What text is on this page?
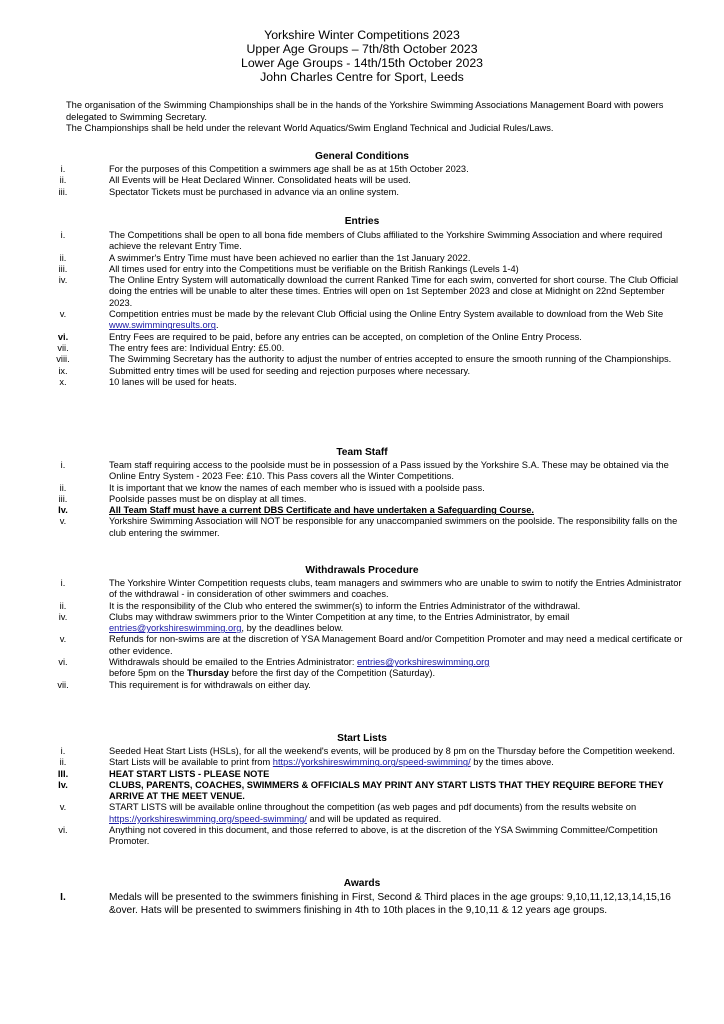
Yorkshire Winter Competitions 2023
Upper Age Groups – 7th/8th October 2023
Lower Age Groups - 14th/15th October 2023
John Charles Centre for Sport, Leeds

The organisation of the Swimming Championships shall be in the hands of the Yorkshire Swimming Associations Management Board with powers delegated to Swimming Secretary.

The Championships shall be held under the relevant World Aquatics/Swim England Technical and Judicial Rules/Laws.

General Conditions
i.	For the purposes of this Competition a swimmers age shall be as at 15th October 2023.
ii.	All Events will be Heat Declared Winner. Consolidated heats will be used.
iii.	Spectator Tickets must be purchased in advance via an online system.
Entries
i.	The Competitions shall be open to all bona fide members of Clubs affiliated to the Yorkshire Swimming Association and where required achieve the relevant Entry Time.
ii.	A swimmer's Entry Time must have been achieved no earlier than the 1st January 2022.
iii.	All times used for entry into the Competitions must be verifiable on the British Rankings (Levels 1-4)
iv.	The Online Entry System will automatically download the current Ranked Time for each swim, converted for short course. The Club Official doing the entries will be unable to alter these times. Entries will open on 1st September 2023 and close at Midnight on 22nd September 2023.
v.	Competition entries must be made by the relevant Club Official using the Online Entry System available to download from the Web Site www.swimmingresults.org.
vi.	Entry Fees are required to be paid, before any entries can be accepted, on completion of the Online Entry Process.
vii.	The entry fees are: Individual Entry: £5.00.
viii.	The Swimming Secretary has the authority to adjust the number of entries accepted to ensure the smooth running of the Championships.
ix.	Submitted entry times will be used for seeding and rejection purposes where necessary.
x.	10 lanes will be used for heats.
Team Staff
i.	Team staff requiring access to the poolside must be in possession of a Pass issued by the Yorkshire S.A. These may be obtained via the Online Entry System - 2023 Fee: £10. This Pass covers all the Winter Competitions.
ii.	It is important that we know the names of each member who is issued with a poolside pass.
iii.	Poolside passes must be on display at all times.
Iv.	All Team Staff must have a current DBS Certificate and have undertaken a Safeguarding Course.
v.	Yorkshire Swimming Association will NOT be responsible for any unaccompanied swimmers on the poolside. The responsibility falls on the club entering the swimmer.
Withdrawals Procedure
i.	The Yorkshire Winter Competition requests clubs, team managers and swimmers who are unable to swim to notify the Entries Administrator of the withdrawal - in consideration of other swimmers and coaches.
ii.	It is the responsibility of the Club who entered the swimmer(s) to inform the Entries Administrator of the withdrawal.
iv.	Clubs may withdraw swimmers prior to the Winter Competition at any time, to the Entries Administrator, by email entries@yorkshireswimming.org, by the deadlines below.
v.	Refunds for non-swims are at the discretion of YSA Management Board and/or Competition Promoter and may need a medical certificate or other evidence.
vi.	Withdrawals should be emailed to the Entries Administrator: entries@yorkshireswimming.org
before 5pm on the Thursday before the first day of the Competition (Saturday).
vii.	This requirement is for withdrawals on either day.
Start Lists
i.	Seeded Heat Start Lists (HSLs), for all the weekend's events, will be produced by 8 pm on the Thursday before the Competition weekend.
ii.	Start Lists will be available to print from https://yorkshireswimming.org/speed-swimming/ by the times above.
III.	HEAT START LISTS - PLEASE NOTE
Iv.	CLUBS, PARENTS, COACHES, SWIMMERS & OFFICIALS MAY PRINT ANY START LISTS THAT THEY REQUIRE BEFORE THEY ARRIVE AT THE MEET VENUE.
v.	START LISTS will be available online throughout the competition (as web pages and pdf documents) from the results website on https://yorkshireswimming.org/speed-swimming/ and will be updated as required.
vi.	Anything not covered in this document, and those referred to above, is at the discretion of the YSA Swimming Committee/Competition Promoter.
Awards
I.	Medals will be presented to the swimmers finishing in First, Second & Third places in the age groups: 9,10,11,12,13,14,15,16 &over. Hats will be presented to swimmers finishing in 4th to 10th places in the 9,10,11 & 12 years age groups.
